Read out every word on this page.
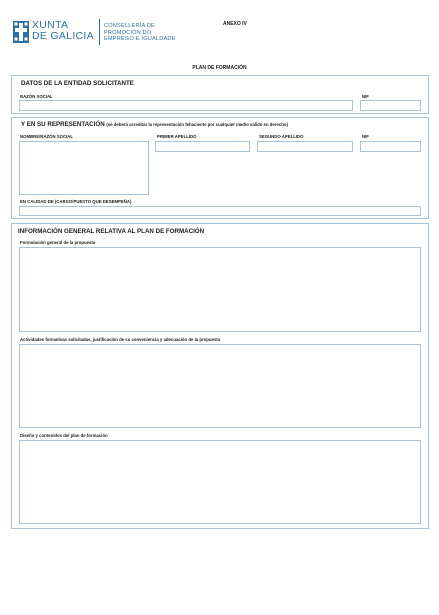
XUNTA
DE GALICIA
CONSELLERÍA DE
PROMOCIÓN DO
EMPREGO E IGUALDADE
ANEXO IV
PLAN DE FORMACIÓN
DATOS DE LA ENTIDAD SOLICITANTE
RAZÓN SOCIAL	NIF
Y EN SU REPRESENTACIÓN (se deberá acreditar la representación fehaciente por cualquier medio válido en derecho)
NOMBRE/RAZÓN SOCIAL	PRIMER APELLIDO	SEGUNDO APELLIDO	NIF
EN CALIDAD DE (CARGO/PUESTO QUE DESEMPEÑA)
INFORMACIÓN GENERAL RELATIVA AL PLAN DE FORMACIÓN
Formulación general de la propuesta
Actividades formativas solicitadas, justificación de su conveniencia y adecuación de la propuesta
Diseño y contenidos del plan de formación
